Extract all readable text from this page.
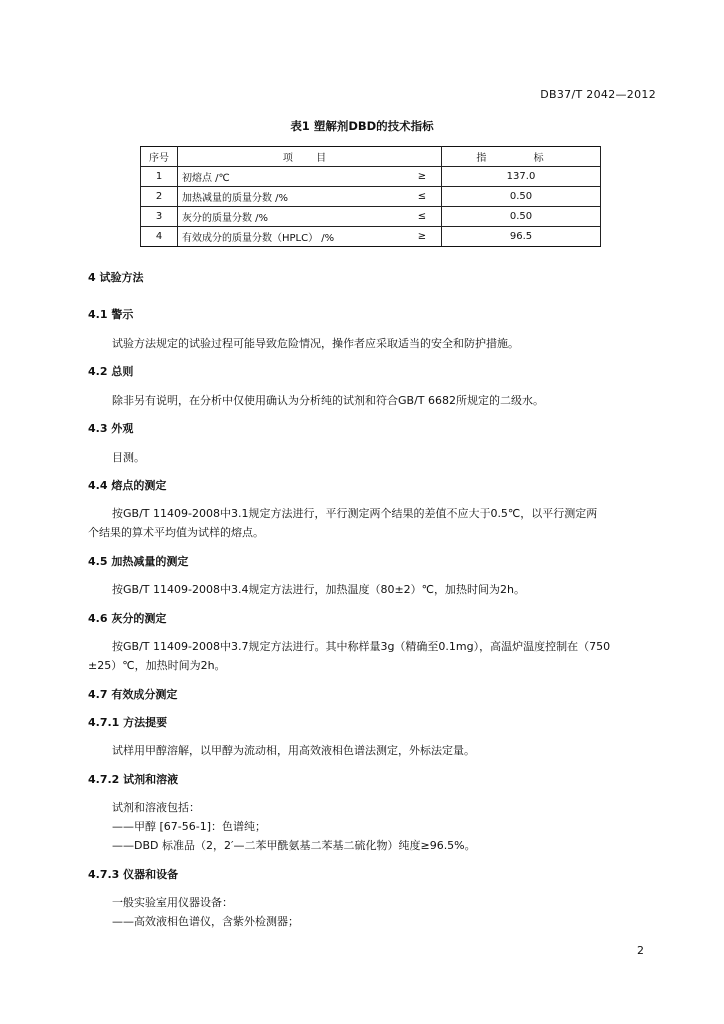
DB37/T 2042—2012
表1 塑解剂DBD的技术指标
序号	项 目		指 标
1	初熔点 /℃	≥	137.0
2	加热减量的质量分数 /%	≤	0.50
3	灰分的质量分数 /%	≤	0.50
4	有效成分的质量分数（HPLC） /%	≥	96.5
4 试验方法
4.1 警示
试验方法规定的试验过程可能导致危险情况，操作者应采取适当的安全和防护措施。
4.2 总则
除非另有说明，在分析中仅使用确认为分析纯的试剂和符合GB/T 6682所规定的二级水。
4.3 外观
目测。
4.4 熔点的测定
按GB/T 11409-2008中3.1规定方法进行，平行测定两个结果的差值不应大于0.5℃，以平行测定两
个结果的算术平均值为试样的熔点。
4.5 加热减量的测定
按GB/T 11409-2008中3.4规定方法进行，加热温度（80±2）℃，加热时间为2h。
4.6 灰分的测定
按GB/T 11409-2008中3.7规定方法进行。其中称样量3g（精确至0.1mg），高温炉温度控制在（750
±25）℃，加热时间为2h。
4.7 有效成分测定
4.7.1 方法提要
试样用甲醇溶解，以甲醇为流动相，用高效液相色谱法测定，外标法定量。
4.7.2 试剂和溶液
试剂和溶液包括：
——甲醇 [67-56-1]：色谱纯；
——DBD 标准品（2，2′—二苯甲酰氨基二苯基二硫化物）纯度≥96.5%。
4.7.3 仪器和设备
一般实验室用仪器设备：
——高效液相色谱仪，含紫外检测器；
2
